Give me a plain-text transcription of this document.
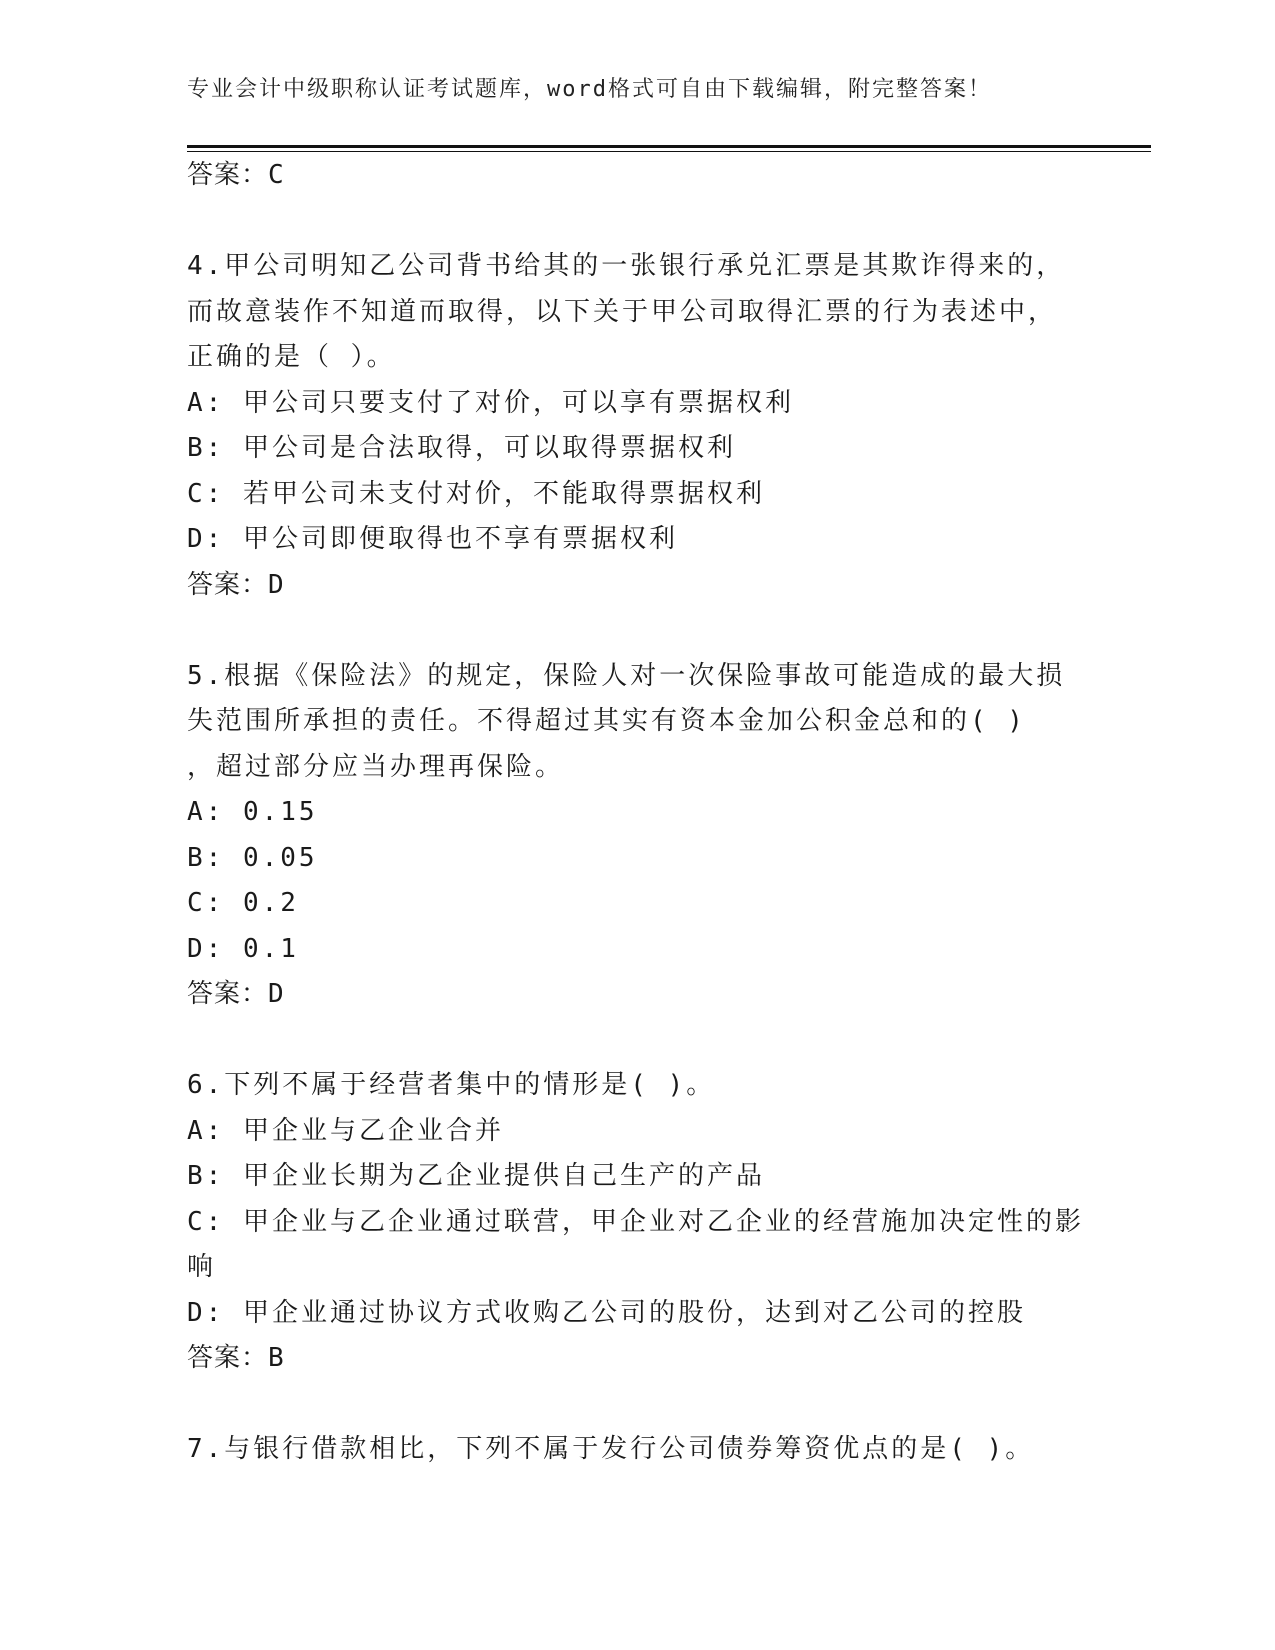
专业会计中级职称认证考试题库，word格式可自由下载编辑，附完整答案！
答案：C
4.甲公司明知乙公司背书给其的一张银行承兑汇票是其欺诈得来的，
而故意装作不知道而取得，以下关于甲公司取得汇票的行为表述中，
正确的是（ ）。
A: 甲公司只要支付了对价，可以享有票据权利
B: 甲公司是合法取得，可以取得票据权利
C: 若甲公司未支付对价，不能取得票据权利
D: 甲公司即便取得也不享有票据权利
答案：D
5.根据《保险法》的规定，保险人对一次保险事故可能造成的最大损
失范围所承担的责任。不得超过其实有资本金加公积金总和的( )
，超过部分应当办理再保险。
A: 0.15
B: 0.05
C: 0.2
D: 0.1
答案：D
6.下列不属于经营者集中的情形是( )。
A: 甲企业与乙企业合并
B: 甲企业长期为乙企业提供自己生产的产品
C: 甲企业与乙企业通过联营，甲企业对乙企业的经营施加决定性的影
响
D: 甲企业通过协议方式收购乙公司的股份，达到对乙公司的控股
答案：B
7.与银行借款相比，下列不属于发行公司债券筹资优点的是( )。
